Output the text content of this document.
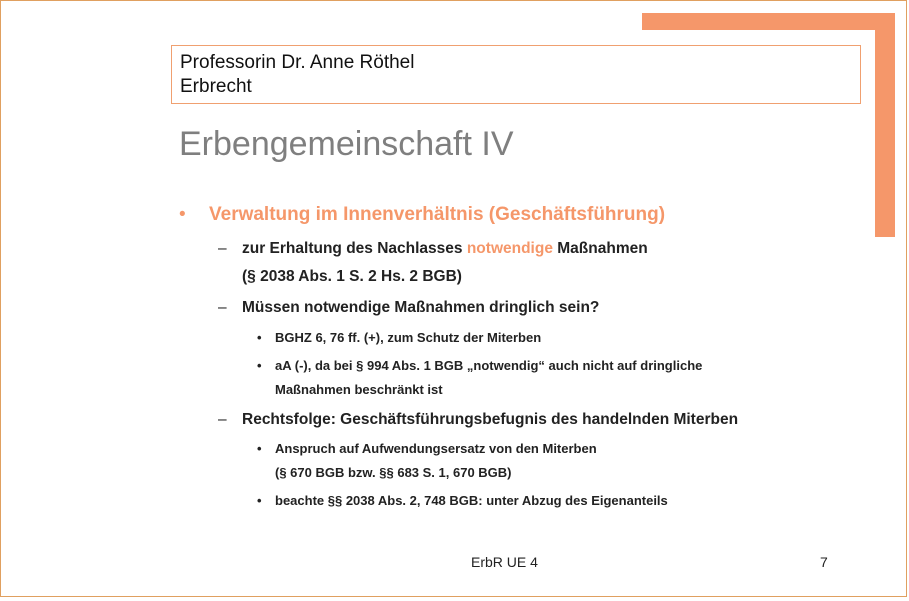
Professorin Dr. Anne Röthel
Erbrecht
Erbengemeinschaft IV
• Verwaltung im Innenverhältnis (Geschäftsführung)
– zur Erhaltung des Nachlasses notwendige Maßnahmen
(§ 2038 Abs. 1 S. 2 Hs. 2 BGB)
– Müssen notwendige Maßnahmen dringlich sein?
• BGHZ 6, 76 ff. (+), zum Schutz der Miterben
• aA (-), da bei § 994 Abs. 1 BGB „notwendig“ auch nicht auf dringliche
Maßnahmen beschränkt ist
– Rechtsfolge: Geschäftsführungsbefugnis des handelnden Miterben
• Anspruch auf Aufwendungsersatz von den Miterben
(§ 670 BGB bzw. §§ 683 S. 1, 670 BGB)
• beachte §§ 2038 Abs. 2, 748 BGB: unter Abzug des Eigenanteils
ErbR UE 4	7
